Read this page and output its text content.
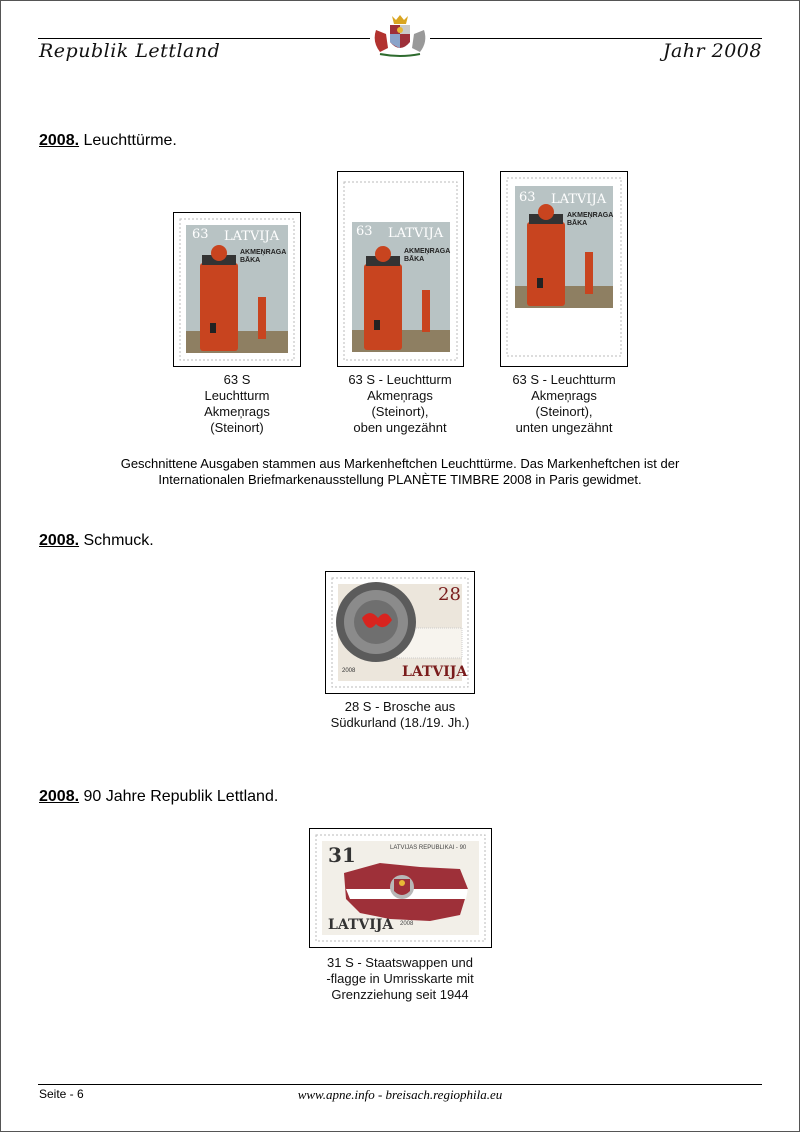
Republik Lettland	Jahr 2008
2008. Leuchttürme.
63 LATVIJA
AKMEŅRAGA BĀKA
63 S
Leuchtturm
Akmeņrags
(Steinort)
63 LATVIJA
AKMEŅRAGA BĀKA
63 S - Leuchtturm
Akmeņrags
(Steinort),
oben ungezähnt
63 LATVIJA
AKMEŅRAGA BĀKA
63 S - Leuchtturm
Akmeņrags
(Steinort),
unten ungezähnt
Geschnittene Ausgaben stammen aus Markenheftchen Leuchttürme. Das Markenheftchen ist der
Internationalen Briefmarkenausstellung PLANÈTE TIMBRE 2008 in Paris gewidmet.
2008. Schmuck.
28
LATVIJA
2008
28 S - Brosche aus
Südkurland (18./19. Jh.)
2008. 90 Jahre Republik Lettland.
31	LATVIJAS REPUBLIKAI - 90
LATVIJA 2008
31 S - Staatswappen und
-flagge in Umrisskarte mit
Grenzziehung seit 1944
Seite - 6	www.apne.info - breisach.regiophila.eu
